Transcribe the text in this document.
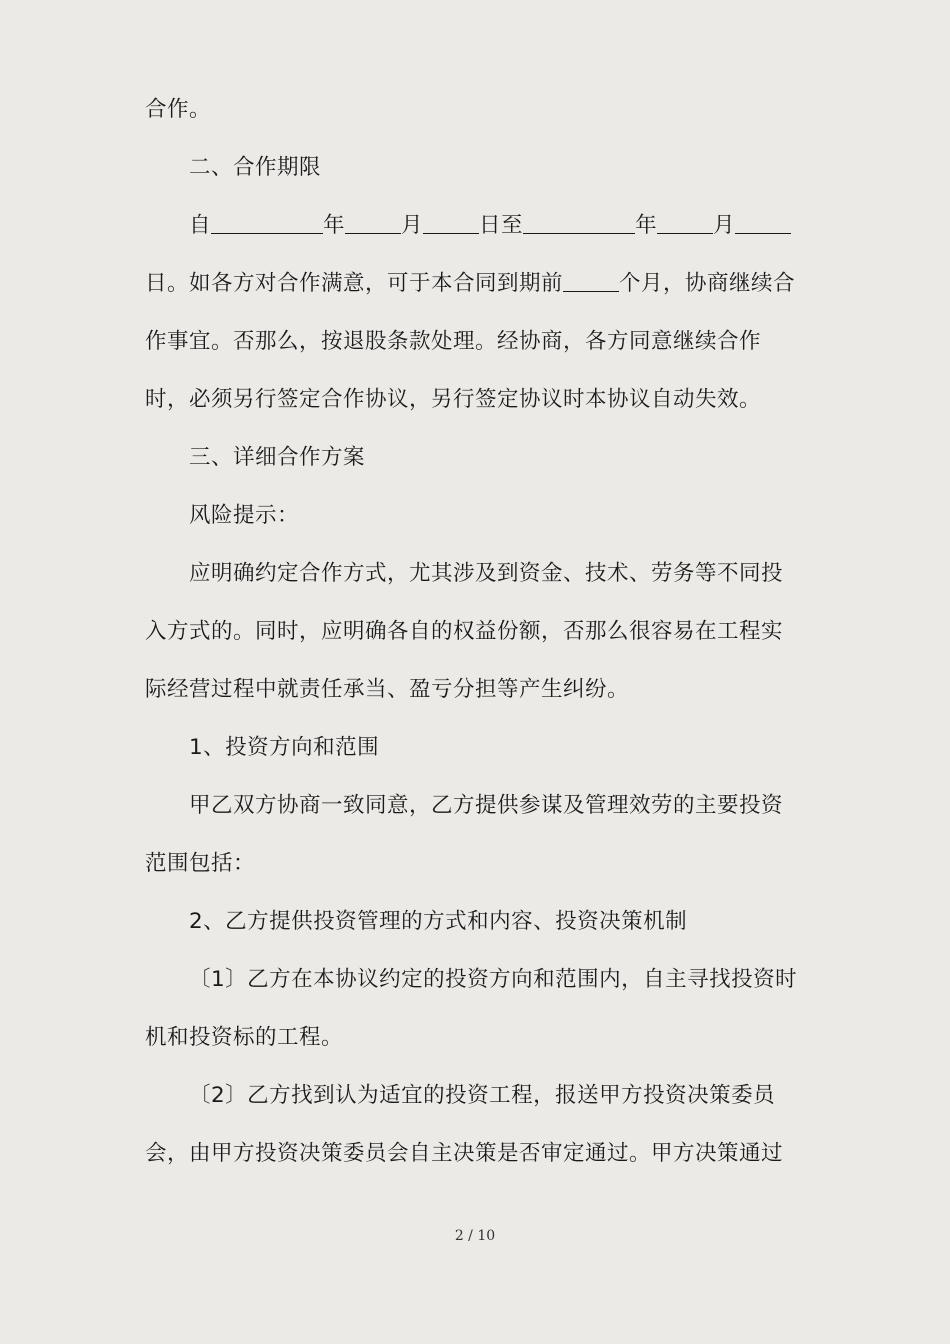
合作。
二、合作期限
自	年	月	日至	年	月
日。如各方对合作满意，可于本合同到期前	个月，协商继续合
作事宜。否那么，按退股条款处理。经协商，各方同意继续合作
时，必须另行签定合作协议，另行签定协议时本协议自动失效。
三、详细合作方案
风险提示：
应明确约定合作方式，尤其涉及到资金、技术、劳务等不同投
入方式的。同时，应明确各自的权益份额，否那么很容易在工程实
际经营过程中就责任承当、盈亏分担等产生纠纷。
1、投资方向和范围
甲乙双方协商一致同意，乙方提供参谋及管理效劳的主要投资
范围包括：
2、乙方提供投资管理的方式和内容、投资决策机制
〔1〕乙方在本协议约定的投资方向和范围内，自主寻找投资时
机和投资标的工程。
〔2〕乙方找到认为适宜的投资工程，报送甲方投资决策委员
会，由甲方投资决策委员会自主决策是否审定通过。甲方决策通过
2 / 10
